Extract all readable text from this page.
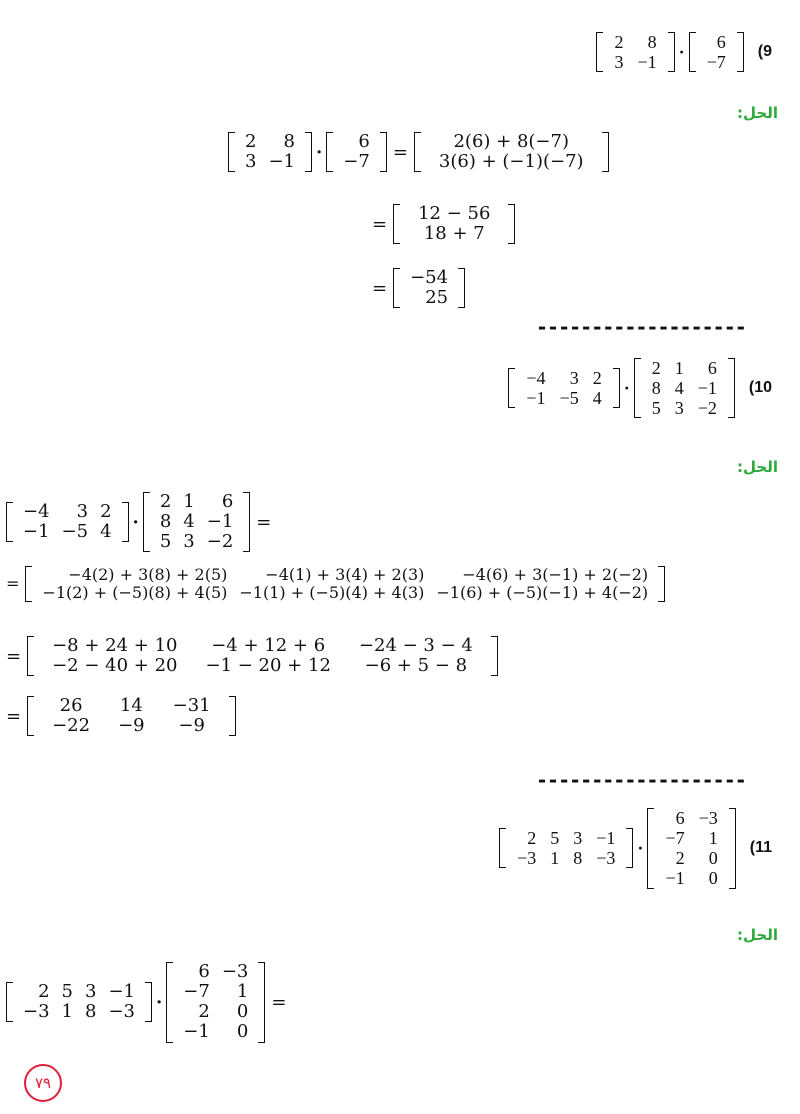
2	8
3	−1
· 6
−7
(9
الحل:
2	8
3	−1 ·
6
−7 =
2(6) + 8(−7)
3(6) + (−1)(−7)
=
12 − 56
18 + 7
=
−54
25
-------------------
−4	3	2
−1	−5	4
·
2	1	6
8	4	−1
5	3	−2
(10
الحل:
−4	3	2
−1	−5	4 ·
2	1	6
8	4	−1
5	3	−2
=
=	−4(2) + 3(8) + 2(5)	−4(1) + 3(4) + 2(3)	−4(6) + 3(−1) + 2(−2)
−1(2) + (−5)(8) + 4(5)	−1(1) + (−5)(4) + 4(3)	−1(6) + (−5)(−1) + 4(−2)
=
−8 + 24 + 10	−4 + 12 + 6	−24 − 3 − 4
−2 − 40 + 20	−1 − 20 + 12	−6 + 5 − 8
=
26	14	−31
−22	−9	−9
-------------------
2	5	3	−1
−3	1	8	−3
·
6	−3
−7	1
2	0
−1	0
(11
الحل:
2	5	3	−1
−3	1	8	−3 ·
6	−3
−7	1
2	0
−1	0
=
٧٩
